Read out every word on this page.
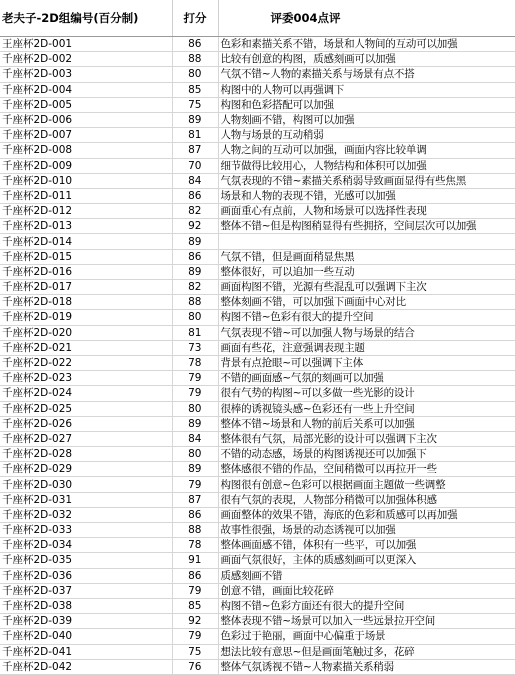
老夫子-2D组编号(百分制)	打分	评委004点评
王座杯2D-001	86	色彩和素描关系不错，场景和人物间的互动可以加强
千座杯2D-002	88	比较有创意的构图，质感刻画可以加强
千座杯2D-003	80	气氛不错~人物的素描关系与场景有点不搭
千座杯2D-004	85	构图中的人物可以再强调下
千座杯2D-005	75	构图和色彩搭配可以加强
千座杯2D-006	89	人物刻画不错，构图可以加强
千座杯2D-007	81	人物与场景的互动稍弱
千座杯2D-008	87	人物之间的互动可以加强，画面内容比较单调
千座杯2D-009	70	细节做得比较用心，人物结构和体积可以加强
千座杯2D-010	84	气氛表现的不错~素描关系稍弱导致画面显得有些焦黑
千座杯2D-011	86	场景和人物的表现不错，光感可以加强
千座杯2D-012	82	画面重心有点前，人物和场景可以选择性表现
千座杯2D-013	92	整体不错~但是构图稍显得有些拥挤，空间层次可以加强
千座杯2D-014	89	
千座杯2D-015	86	气氛不错，但是画面稍显焦黑
千座杯2D-016	89	整体很好，可以追加一些互动
千座杯2D-017	82	画面构图不错，光源有些混乱可以强调下主次
千座杯2D-018	88	整体刻画不错，可以加强下画面中心对比
千座杯2D-019	80	构图不错~色彩有很大的提升空间
千座杯2D-020	81	气氛表现不错~可以加强人物与场景的结合
千座杯2D-021	73	画面有些花，注意强调表现主题
千座杯2D-022	78	背景有点抢眼~可以强调下主体
千座杯2D-023	79	不错的画面感~气氛的刻画可以加强
千座杯2D-024	79	很有气势的构图~可以多做一些光影的设计
千座杯2D-025	80	很棒的诱视镜头感~色彩还有一些上升空间
千座杯2D-026	89	整体不错~场景和人物的前后关系可以加强
千座杯2D-027	84	整体很有气氛，局部光影的设计可以强调下主次
千座杯2D-028	80	不错的动态感，场景的构图诱视还可以加强下
千座杯2D-029	89	整体感很不错的作品，空间稍微可以再拉开一些
千座杯2D-030	79	构图很有创意~色彩可以根据画面主题做一些调整
千座杯2D-031	87	很有气氛的表現，人物部分稍微可以加强体积感
千座杯2D-032	86	画面整体的效果不错，海底的色彩和质感可以再加强
千座杯2D-033	88	故事性很强，场景的动态诱视可以加强
千座杯2D-034	78	整体画面感不错，体积有一些平，可以加强
千座杯2D-035	91	画面气氛很好，主体的质感刻画可以更深入
千座杯2D-036	86	质感刻画不错
千座杯2D-037	79	创意不错，画面比较花碎
千座杯2D-038	85	构图不错~色彩方面还有很大的提升空间
千座杯2D-039	92	整体表现不错~场景可以加入一些远景拉开空间
千座杯2D-040	79	色彩过于艳丽，画面中心偏重于场景
千座杯2D-041	75	想法比较有意思~但是画面笔触过多，花碎
千座杯2D-042	76	整体气氛诱视不错~人物素描关系稍弱
